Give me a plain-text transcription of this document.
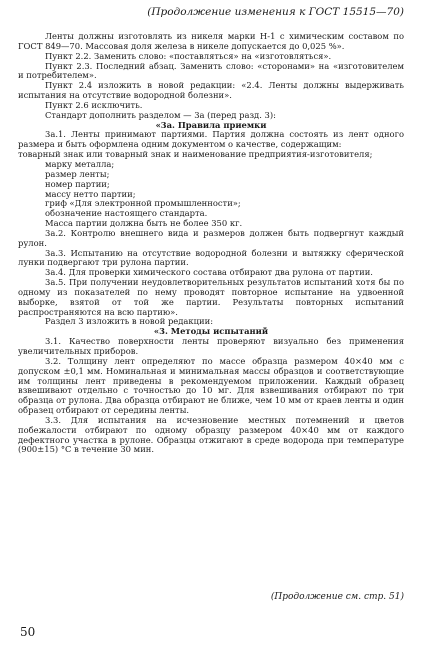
(Продолжение изменения к ГОСТ 15515—70)

Ленты должны изготовлять из никеля марки Н-1 с химическим составом по ГОСТ 849—70. Массовая доля железа в никеле допускается до 0,025 %».

Пункт 2.2. Заменить слово: «поставляться» на «изготовляться».

Пункт 2.3. Последний абзац. Заменить слово: «сторонами» на «изготовителем и потребителем».

Пункт 2.4 изложить в новой редакции: «2.4. Ленты должны выдерживать испытания на отсутствие водородной болезни».

Пункт 2.6 исключить.

Стандарт дополнить разделом — 3а (перед разд. 3):

«3а. Правила приемки

3а.1. Ленты принимают партиями. Партия должна состоять из лент одного размера и быть оформлена одним документом о качестве, содержащим:

товарный знак или товарный знак и наименование предприятия-изготовителя;

марку металла;

размер ленты;

номер партии;

массу нетто партии;

гриф «Для электронной промышленности»;

обозначение настоящего стандарта.

Масса партии должна быть не более 350 кг.

3а.2. Контролю внешнего вида и размеров должен быть подвергнут каждый рулон.

3а.3. Испытанию на отсутствие водородной болезни и вытяжку сферической лунки подвергают три рулона партии.

3а.4. Для проверки химического состава отбирают два рулона от партии.

3а.5. При получении неудовлетворительных результатов испытаний хотя бы по одному из показателей по нему проводят повторное испытание на удвоенной выборке, взятой от той же партии. Результаты повторных испытаний распространяются на всю партию».

Раздел 3 изложить в новой редакции:

«3. Методы испытаний

3.1. Качество поверхности ленты проверяют визуально без применения увеличительных приборов.

3.2. Толщину лент определяют по массе образца размером 40×40 мм с допуском ±0,1 мм. Номинальная и минимальная массы образцов и соответствующие им толщины лент приведены в рекомендуемом приложении. Каждый образец взвешивают отдельно с точностью до 10 мг. Для взвешивания отбирают по три образца от рулона. Два образца отбирают не ближе, чем 10 мм от краев ленты и один образец отбирают от середины ленты.

3.3. Для испытания на исчезновение местных потемнений и цветов побежалости отбирают по одному образцу размером 40×40 мм от каждого дефектного участка в рулоне. Образцы отжигают в среде водорода при температуре (900±15) °С в течение 30 мин.

(Продолжение см. стр. 51)
50
